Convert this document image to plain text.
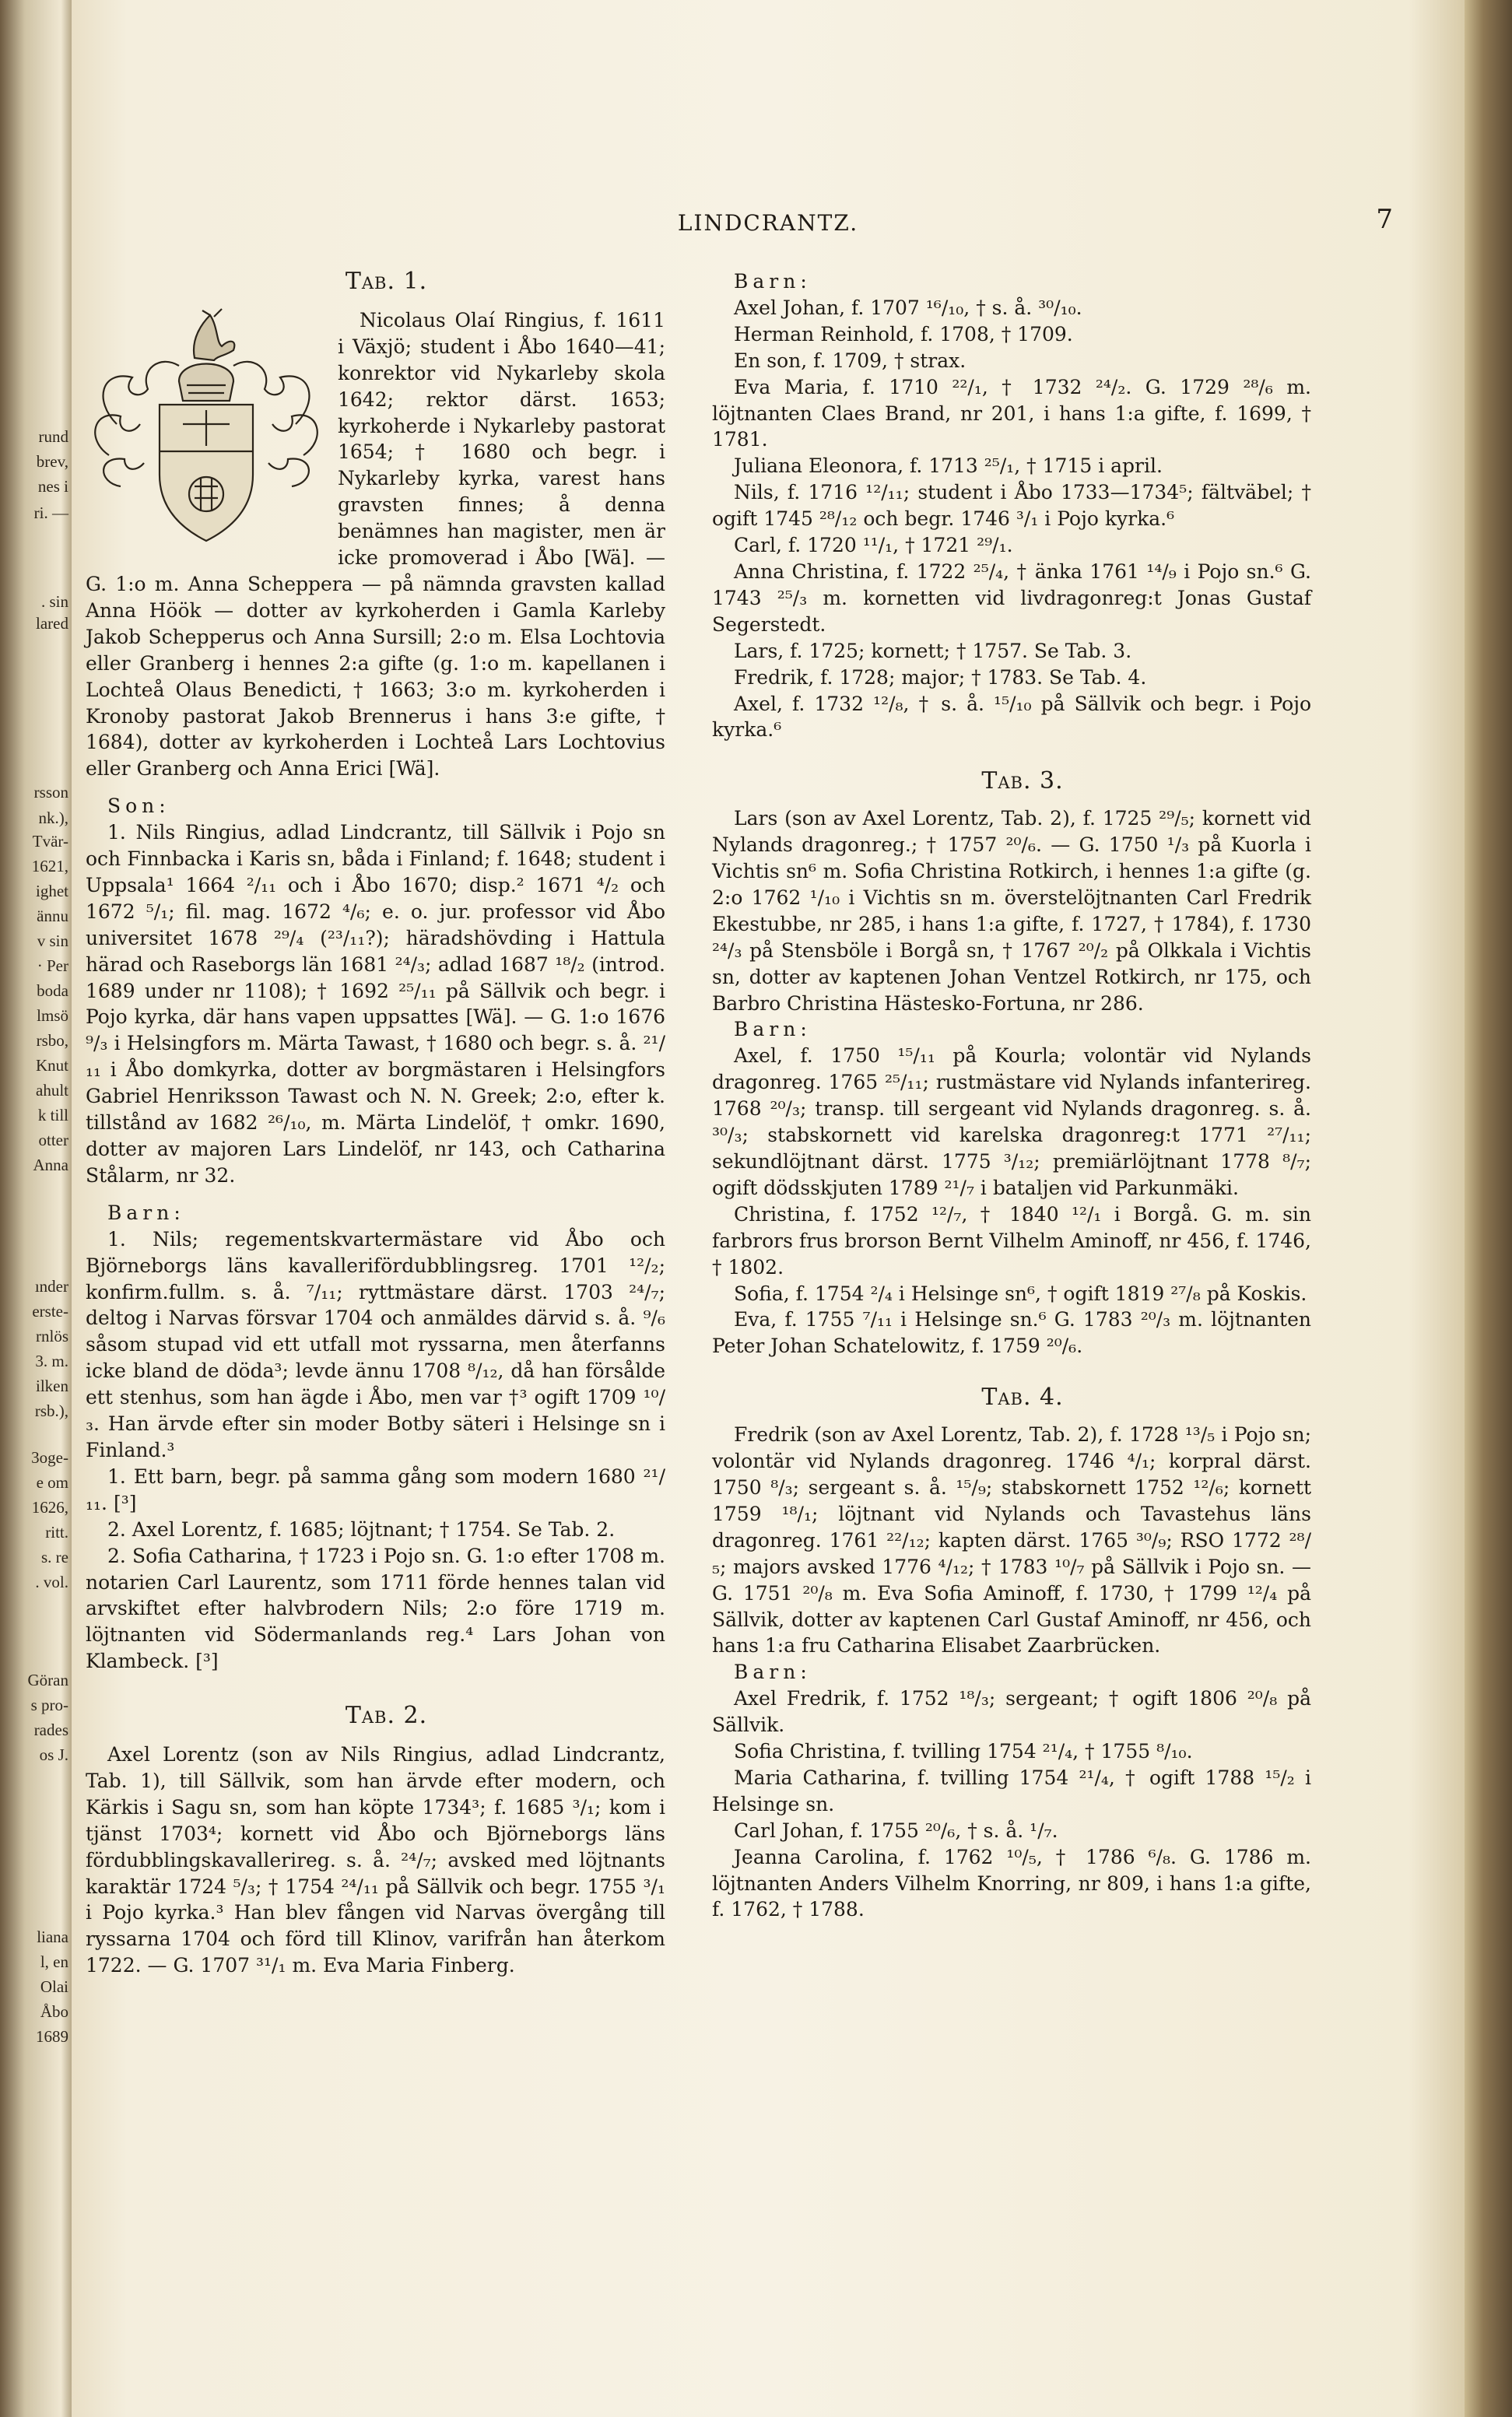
rund
brev,
nes i
ri. —
. sin
lared
rsson
nk.),
Tvär-
1621,
ighet
ännu
v sin
· Per
boda
lmsö
rsbo,
Knut
ahult
k till
otter
Anna
ınder
erste-
rnlös
3. m.
ilken
rsb.),
3oge-
e om
1626,
ritt.
s. re
. vol.
Göran
s pro-
rades
os J.
liana
l, en
Olai
Åbo
1689
LINDCRANTZ.	7

Tab. 1.

Nicolaus Olaí Ringius, f. 1611 i Växjö; student i Åbo 1640—41; konrektor vid Nykarleby skola 1642; rektor därst. 1653; kyrkoherde i Nykarleby pastorat 1654; † 1680 och begr. i Nykarleby kyrka, varest hans gravsten finnes; å denna benämnes han magister, men är icke promoverad i Åbo [Wä]. — G. 1:o m. Anna Scheppera — på nämnda gravsten kallad Anna Höök — dotter av kyrkoherden i Gamla Karleby Jakob Schepperus och Anna Sursill; 2:o m. Elsa Lochtovia eller Granberg i hennes 2:a gifte (g. 1:o m. kapellanen i Lochteå Olaus Benedicti, † 1663; 3:o m. kyrkoherden i Kronoby pastorat Jakob Brennerus i hans 3:e gifte, † 1684), dotter av kyrkoherden i Lochteå Lars Lochtovius eller Granberg och Anna Erici [Wä].

Son:

1. Nils Ringius, adlad Lindcrantz, till Sällvik i Pojo sn och Finnbacka i Karis sn, båda i Finland; f. 1648; student i Uppsala¹ 1664 ²/₁₁ och i Åbo 1670; disp.² 1671 ⁴/₂ och 1672 ⁵/₁; fil. mag. 1672 ⁴/₆; e. o. jur. professor vid Åbo universitet 1678 ²⁹/₄ (²³/₁₁?); häradshövding i Hattula härad och Raseborgs län 1681 ²⁴/₃; adlad 1687 ¹⁸/₂ (introd. 1689 under nr 1108); † 1692 ²⁵/₁₁ på Sällvik och begr. i Pojo kyrka, där hans vapen uppsattes [Wä]. — G. 1:o 1676 ⁹/₃ i Helsingfors m. Märta Tawast, † 1680 och begr. s. å. ²¹/₁₁ i Åbo domkyrka, dotter av borgmästaren i Helsingfors Gabriel Henriksson Tawast och N. N. Greek; 2:o, efter k. tillstånd av 1682 ²⁶/₁₀, m. Märta Lindelöf, † omkr. 1690, dotter av majoren Lars Lindelöf, nr 143, och Catharina Stålarm, nr 32.

Barn:

1. Nils; regementskvartermästare vid Åbo och Björneborgs läns kavallerifördubblingsreg. 1701 ¹²/₂; konfirm.fullm. s. å. ⁷/₁₁; ryttmästare därst. 1703 ²⁴/₇; deltog i Narvas försvar 1704 och anmäldes därvid s. å. ⁹/₆ såsom stupad vid ett utfall mot ryssarna, men återfanns icke bland de döda³; levde ännu 1708 ⁸/₁₂, då han försålde ett stenhus, som han ägde i Åbo, men var †³ ogift 1709 ¹⁰/₃. Han ärvde efter sin moder Botby säteri i Helsinge sn i Finland.³

1. Ett barn, begr. på samma gång som modern 1680 ²¹/₁₁. [³]

2. Axel Lorentz, f. 1685; löjtnant; † 1754. Se Tab. 2.

2. Sofia Catharina, † 1723 i Pojo sn. G. 1:o efter 1708 m. notarien Carl Laurentz, som 1711 förde hennes talan vid arvskiftet efter halvbrodern Nils; 2:o före 1719 m. löjtnanten vid Södermanlands reg.⁴ Lars Johan von Klambeck. [³]

Tab. 2.

Axel Lorentz (son av Nils Ringius, adlad Lindcrantz, Tab. 1), till Sällvik, som han ärvde efter modern, och Kärkis i Sagu sn, som han köpte 1734³; f. 1685 ³/₁; kom i tjänst 1703⁴; kornett vid Åbo och Björneborgs läns fördubblingskavallerireg. s. å. ²⁴/₇; avsked med löjtnants karaktär 1724 ⁵/₃; † 1754 ²⁴/₁₁ på Sällvik och begr. 1755 ³/₁ i Pojo kyrka.³ Han blev fången vid Narvas övergång till ryssarna 1704 och förd till Klinov, varifrån han återkom 1722. — G. 1707 ³¹/₁ m. Eva Maria Finberg.

Barn:

Axel Johan, f. 1707 ¹⁶/₁₀, † s. å. ³⁰/₁₀.

Herman Reinhold, f. 1708, † 1709.

En son, f. 1709, † strax.

Eva Maria, f. 1710 ²²/₁, † 1732 ²⁴/₂. G. 1729 ²⁸/₆ m. löjtnanten Claes Brand, nr 201, i hans 1:a gifte, f. 1699, † 1781.

Juliana Eleonora, f. 1713 ²⁵/₁, † 1715 i april.

Nils, f. 1716 ¹²/₁₁; student i Åbo 1733—1734⁵; fältväbel; † ogift 1745 ²⁸/₁₂ och begr. 1746 ³/₁ i Pojo kyrka.⁶

Carl, f. 1720 ¹¹/₁, † 1721 ²⁹/₁.

Anna Christina, f. 1722 ²⁵/₄, † änka 1761 ¹⁴/₉ i Pojo sn.⁶ G. 1743 ²⁵/₃ m. kornetten vid livdragonreg:t Jonas Gustaf Segerstedt.

Lars, f. 1725; kornett; † 1757. Se Tab. 3.

Fredrik, f. 1728; major; † 1783. Se Tab. 4.

Axel, f. 1732 ¹²/₈, † s. å. ¹⁵/₁₀ på Sällvik och begr. i Pojo kyrka.⁶

Tab. 3.

Lars (son av Axel Lorentz, Tab. 2), f. 1725 ²⁹/₅; kornett vid Nylands dragonreg.; † 1757 ²⁰/₆. — G. 1750 ¹/₃ på Kuorla i Vichtis sn⁶ m. Sofia Christina Rotkirch, i hennes 1:a gifte (g. 2:o 1762 ¹/₁₀ i Vichtis sn m. överstelöjtnanten Carl Fredrik Ekestubbe, nr 285, i hans 1:a gifte, f. 1727, † 1784), f. 1730 ²⁴/₃ på Stensböle i Borgå sn, † 1767 ²⁰/₂ på Olkkala i Vichtis sn, dotter av kaptenen Johan Ventzel Rotkirch, nr 175, och Barbro Christina Hästesko-Fortuna, nr 286.

Barn:

Axel, f. 1750 ¹⁵/₁₁ på Kourla; volontär vid Nylands dragonreg. 1765 ²⁵/₁₁; rustmästare vid Nylands infanterireg. 1768 ²⁰/₃; transp. till sergeant vid Nylands dragonreg. s. å. ³⁰/₃; stabskornett vid karelska dragonreg:t 1771 ²⁷/₁₁; sekundlöjtnant därst. 1775 ³/₁₂; premiärlöjtnant 1778 ⁸/₇; ogift dödsskjuten 1789 ²¹/₇ i bataljen vid Parkunmäki.

Christina, f. 1752 ¹²/₇, † 1840 ¹²/₁ i Borgå. G. m. sin farbrors frus brorson Bernt Vilhelm Aminoff, nr 456, f. 1746, † 1802.

Sofia, f. 1754 ²/₄ i Helsinge sn⁶, † ogift 1819 ²⁷/₈ på Koskis.

Eva, f. 1755 ⁷/₁₁ i Helsinge sn.⁶ G. 1783 ²⁰/₃ m. löjtnanten Peter Johan Schatelowitz, f. 1759 ²⁰/₆.

Tab. 4.

Fredrik (son av Axel Lorentz, Tab. 2), f. 1728 ¹³/₅ i Pojo sn; volontär vid Nylands dragonreg. 1746 ⁴/₁; korpral därst. 1750 ⁸/₃; sergeant s. å. ¹⁵/₉; stabskornett 1752 ¹²/₆; kornett 1759 ¹⁸/₁; löjtnant vid Nylands och Tavastehus läns dragonreg. 1761 ²²/₁₂; kapten därst. 1765 ³⁰/₉; RSO 1772 ²⁸/₅; majors avsked 1776 ⁴/₁₂; † 1783 ¹⁰/₇ på Sällvik i Pojo sn. — G. 1751 ²⁰/₈ m. Eva Sofia Aminoff, f. 1730, † 1799 ¹²/₄ på Sällvik, dotter av kaptenen Carl Gustaf Aminoff, nr 456, och hans 1:a fru Catharina Elisabet Zaarbrücken.

Barn:

Axel Fredrik, f. 1752 ¹⁸/₃; sergeant; † ogift 1806 ²⁰/₈ på Sällvik.

Sofia Christina, f. tvilling 1754 ²¹/₄, † 1755 ⁸/₁₀.

Maria Catharina, f. tvilling 1754 ²¹/₄, † ogift 1788 ¹⁵/₂ i Helsinge sn.

Carl Johan, f. 1755 ²⁰/₆, † s. å. ¹/₇.

Jeanna Carolina, f. 1762 ¹⁰/₅, † 1786 ⁶/₈. G. 1786 m. löjtnanten Anders Vilhelm Knorring, nr 809, i hans 1:a gifte, f. 1762, † 1788.
